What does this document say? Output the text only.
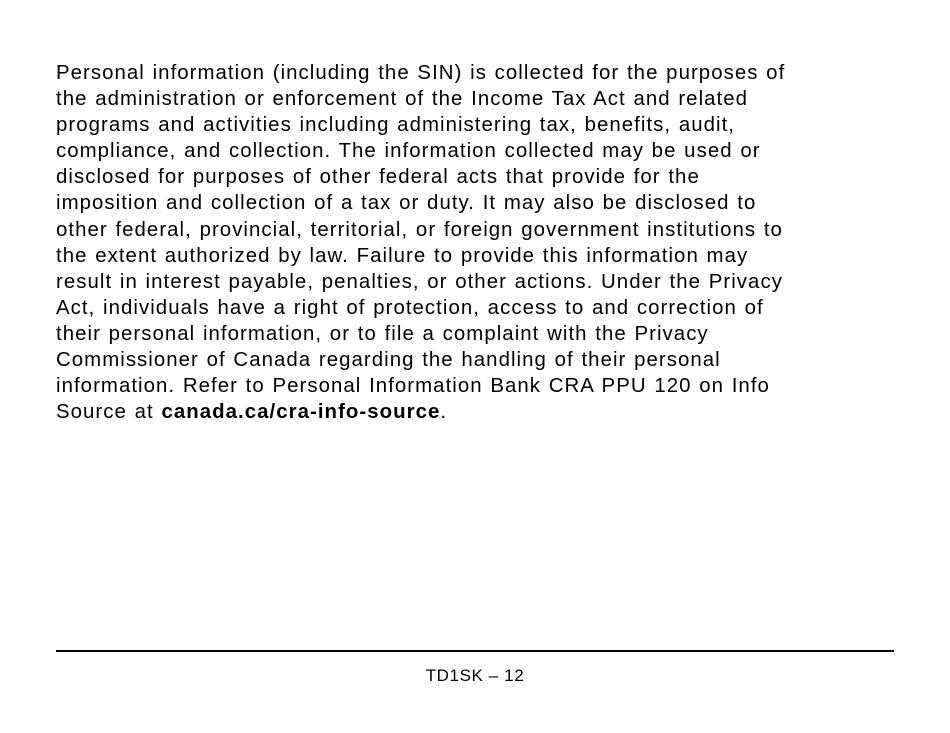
Personal information (including the SIN) is collected for the purposes of
the administration or enforcement of the Income Tax Act and related
programs and activities including administering tax, benefits, audit,
compliance, and collection. The information collected may be used or
disclosed for purposes of other federal acts that provide for the
imposition and collection of a tax or duty. It may also be disclosed to
other federal, provincial, territorial, or foreign government institutions to
the extent authorized by law. Failure to provide this information may
result in interest payable, penalties, or other actions. Under the Privacy
Act, individuals have a right of protection, access to and correction of
their personal information, or to file a complaint with the Privacy
Commissioner of Canada regarding the handling of their personal
information. Refer to Personal Information Bank CRA PPU 120 on Info
Source at canada.ca/cra-info-source.

TD1SK – 12
